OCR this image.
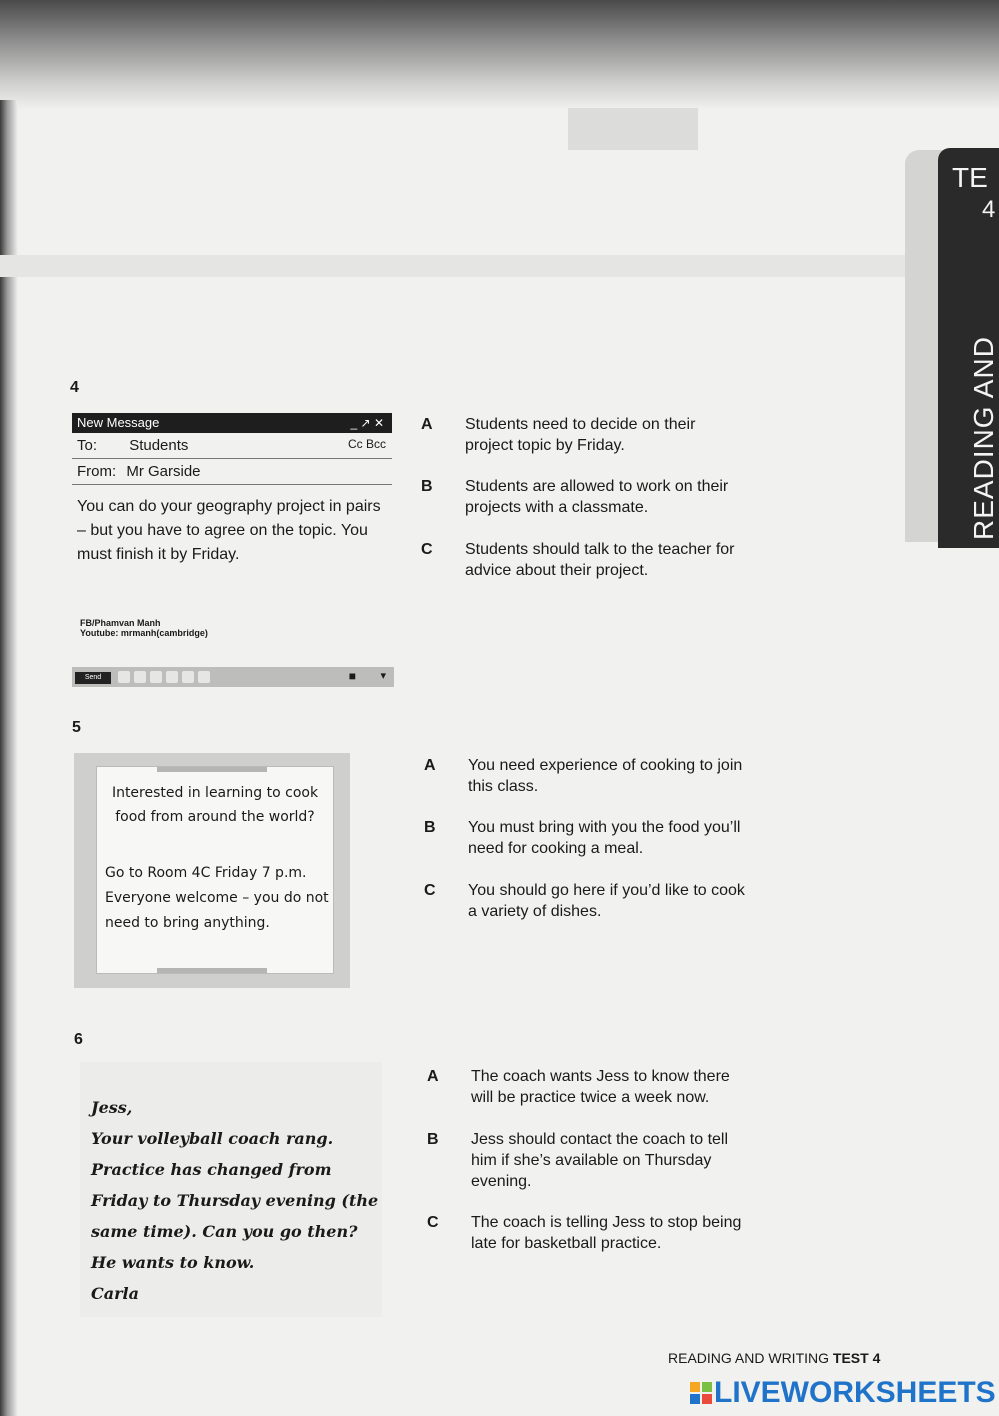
TE
4
READING AND
4
New Message	_ ↗ ✕
To: Students	Cc Bcc
From: Mr Garside
You can do your geography project in pairs – but you have to agree on the topic. You must finish it by Friday.
FB/Phamvan Manh
Youtube: mrmanh(cambridge)
Send	■ ▾
A Students need to decide on their project topic by Friday.
B Students are allowed to work on their projects with a classmate.
C Students should talk to the teacher for advice about their project.
5
Interested in learning to cook food from around the world?
Go to Room 4C Friday 7 p.m. Everyone welcome – you do not need to bring anything.
A You need experience of cooking to join this class.
B You must bring with you the food you’ll need for cooking a meal.
C You should go here if you’d like to cook a variety of dishes.
6
Jess,
Your volleyball coach rang. Practice has changed from Friday to Thursday evening (the same time). Can you go then? He wants to know.
Carla
A The coach wants Jess to know there will be practice twice a week now.
B Jess should contact the coach to tell him if she’s available on Thursday evening.
C The coach is telling Jess to stop being late for basketball practice.
READING AND WRITING TEST 4
LIVEWORKSHEETS
